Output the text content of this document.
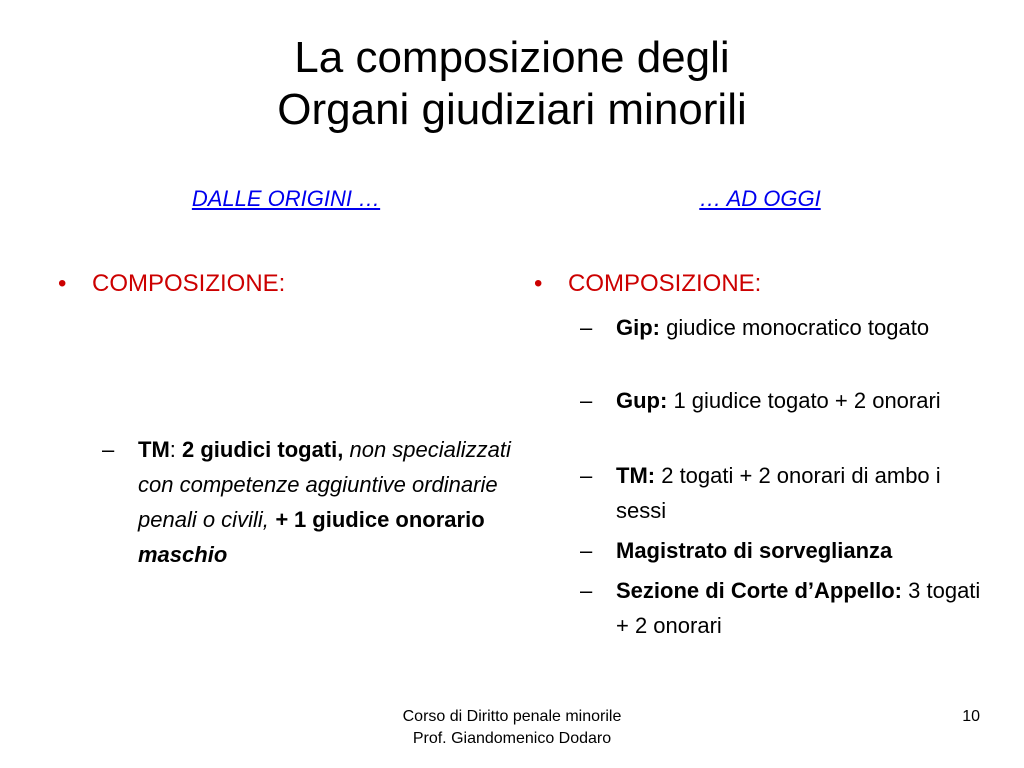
La composizione degli
Organi giudiziari minorili
DALLE ORIGINI …	… AD OGGI
• COMPOSIZIONE:
– TM: 2 giudici togati, non specializzati con competenze aggiuntive ordinarie penali o civili, + 1 giudice onorario maschio
• COMPOSIZIONE:
– Gip: giudice monocratico togato
– Gup: 1 giudice togato + 2 onorari
– TM: 2 togati + 2 onorari di ambo i sessi
– Magistrato di sorveglianza
– Sezione di Corte d’Appello: 3 togati + 2 onorari
Corso di Diritto penale minorile
Prof. Giandomenico Dodaro
10
